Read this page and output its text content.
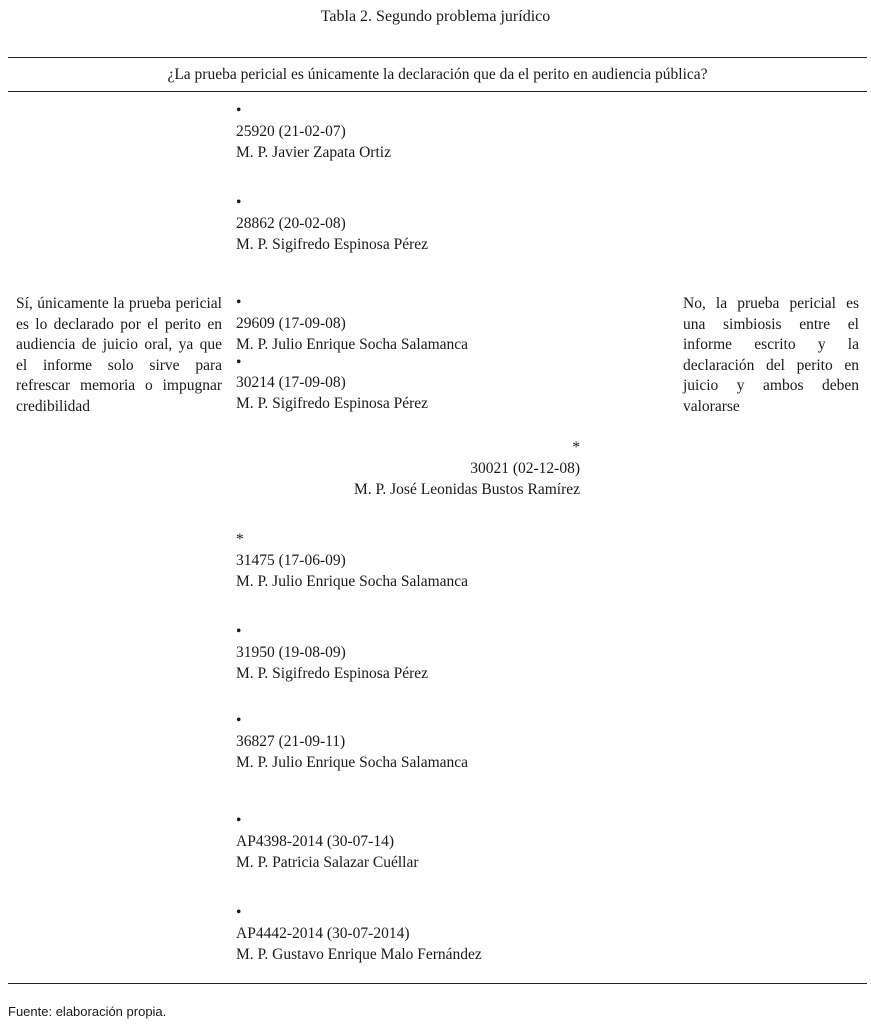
Tabla 2. Segundo problema jurídico
¿La prueba pericial es únicamente la declaración que da el perito en audiencia pública?
Sí, únicamente la prueba pericial es lo declarado por el perito en audiencia de juicio oral, ya que el informe solo sirve para refrescar memoria o impugnar credibilidad
No, la prueba pericial es una simbiosis entre el informe escrito y la declaración del perito en juicio y ambos deben valorarse
•
25920 (21-02-07)
M. P. Javier Zapata Ortiz
•
28862 (20-02-08)
M. P. Sigifredo Espinosa Pérez
•
29609 (17-09-08)
M. P. Julio Enrique Socha Salamanca
•
30214 (17-09-08)
M. P. Sigifredo Espinosa Pérez
*
30021 (02-12-08)
M. P. José Leonidas Bustos Ramírez
*
31475 (17-06-09)
M. P. Julio Enrique Socha Salamanca
•
31950 (19-08-09)
M. P. Sigifredo Espinosa Pérez
•
36827 (21-09-11)
M. P. Julio Enrique Socha Salamanca
•
AP4398-2014 (30-07-14)
M. P. Patricia Salazar Cuéllar
•
AP4442-2014 (30-07-2014)
M. P. Gustavo Enrique Malo Fernández
Fuente: elaboración propia.
